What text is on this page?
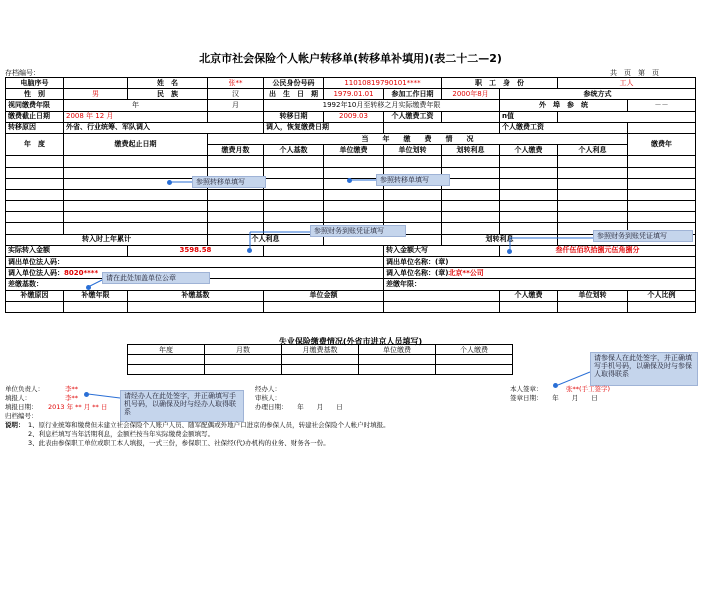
北京市社会保险个人帐户转移单(转移单补填用)(表二十二—2)
存档编号：	共　页　第　页
电脑序号		姓　名	张**	公民身份号码	11010819790101****		职　工　身　份		工人	
性　别	男	民　族	汉	出　生　日　期	1979.01.01	参加工作日期	2000年8月	参统方式		
视同缴费年限	年		月	1992年10月至转移之月实际缴费年限				外　埠　参　统		－－
缴费截止日期	2008 年 12 月			转移日期	2009.03	个人缴费工资		n值		
转移原因	外省、行业统筹、军队调入			调入，恢复缴费日期				个人缴费工资		
年　度	缴费起止日期		当　　年　　缴　　费　　情　　况							缴费年
			缴费月数	个人基数	单位缴费	单位划转	划转利息	个人缴费	个人利息	

转入时上年累计			个人利息				划转利息			
实际转入金额		3598.58				转入金额大写		叁仟伍佰玖拾捌元伍角捌分		
调出单位法人码：						调出单位名称：(章)				
调入单位法人码：8020****						调入单位名称：(章)北京**公司				
差缴基数：						差缴年限：				
补缴原因	补缴年限	补缴基数		单位金额				个人缴费	单位划转	个人比例

失业保险缴费情况(外省市进京人员填写)
年度	月数	月缴费基数	单位缴费	个人缴费

参照转移单填写	参照转移单填写
参照财务到账凭证填写
参照财务到账凭证填写
请在此处加盖单位公章
请经办人在此处签字，并正确填写手机号码，以确保及时与经办人取得联系
请参保人在此处签字，并正确填写手机号码，以确保及时与参保人取得联系
单位负责人：	李**
填报人：	李**
填报日期： 2013 年 ** 月 ** 日
归档编号：
经办人：
审核人：
办理日期：　　年　　月　　日
本人签章：	张**(手工签字)
签章日期：　　年　　月　　日
说明： 1、原行业统筹和缴费但未建立社会保险个人账户人员、随军配偶或外地户口进京的参保人员，转建社会保险个人帐户时填报。
2、利息栏填写当年活期利息，金额栏按当年实际缴费金额填写。
3、此表由参保职工单位或职工本人填报，一式三份，参保职工、社保经(代)办机构的业务、财务各一份。
